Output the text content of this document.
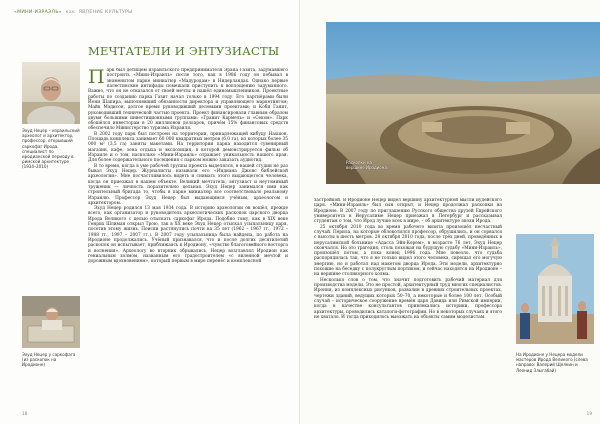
«МИНИ-ИЗРАЭЛЬ» как ЯВЛЕНИЕ КУЛЬТУРЫ
МЕЧТАТЕЛИ И ЭНТУЗИАСТЫ
Эхуд Нецер – израильский археолог и архитектор, профессор, открывший саркофаг Ирода, специалист по иродианской периоду в римской архитектуре (1934–2010)
Эхуд Нецер у саркофага (из раскопок на Иродионе)

Парк был детищем израильского предпринимателя Эрана Газита, задумавшего построить «Мини-Израиль» после того, как в 1986 году он побывал в знаменитом парке миниатюр «Мадуродам» в Нидерландах. Однако первые палестинские интифады помешали приступить к воплощению задуманного. Важно, что он не отказался от своей мечты и нашёл единомышленников. Проектные работы по созданию парка Газит начал только в 1994 году. Его партнёрами были Йони Шапира, выполнявший обязанности директора и управляющего маркетингом; Майк Мэдисон, долгое время руководивший деловыми проектами; и Коби Ганит, руководивший технической частью проекта. Проект финансировали главным образом двумя большими инвестиционными группами: «Гранит Кармель» и «Секом». Парк обошёлся инвесторам в 20 миллионов долларов, причём 15% финансовых средств обеспечило Министерство туризма Израиля.

В 2002 году парк был построен на территории, принадлежащей кибуцу Нахшон. Площадь комплекса занимает 60 000 квадратных метров (6,0 га), из которых более 35 000 м² (3,5 га) заняты макетами. На территории парка находится сувенирный магазин, кафе, зона отдыха и экспозиция, в которой демонстрируется фильм об Израиле и о том, насколько «Мини-Израиль» отражает уникальность нашего края. Для более содержательного посещения с парком можно заказать аудиогид.

В то время, когда в уме рабочей группы проекта выделялся, в нашей студии не раз бывал Эхуд Нецер. Журналисты называли его «Индиана Джонс библейской археологии». Мне посчастливилось видеть и снимать этого выдающегося человека, когда он приезжал в нашем объекте. Великий мечтатель, энтузиаст и неутомимый труженик — личность поразительно цельная. Эхуд Нецер занимался ими как строительный бригада то, чтобы в парке миниатюр все соответствовало реальному Израилю. Профессор Эхуд Нецер был выдающимся учёным, археологом и архитектором.

Эхуд Нецер родился 13 мая 1934 года. В историю археологии он вошёл, прежде всего, как организатор и руководитель археологических раскопок царского дворца Ирода Великого с целью отыскать саркофаг Ирода. Подобно тому, как в XIX веке Генрих Шлиман открыл Трою, так в XX веке Эхуд Нецер отыскал усыпальницу царя, посетив этому жизнь. Поиски растянулись почти на 35 лет (1962 – 1967 гг., 1972 – 1988 гг., 1997 – 2007 гг.). В 2007 году усыпальница была найдена, по работа на Иродионе продолжались. Учёный признавался, что и после долгих десятилетий раскопок он испытывает, приближаясь к Иродиону, «чувство благоговейного восторга и волнения». Археологу во вторник обрывались, Нецер возглавлял Иродион как гениальным холмом, названным его градостроителем «с явленной мечтой и дорожным вдохновением», который первым в мире перенёс и комплексной

18
Раскопки на вершине Иродиона

застройкой. В Иродионе Нецер видел вершину архитектурной мысли иудейского царя. «Мини-Израиль» был сын открыт, и Нецер продолжал раскопки на Иродионе. В 2007 году по приглашению Русского общества друзей Еврейского университета в Иерусалиме Нецер приезжал в Петербург и рассказывал студентам о том, что Ирод лучше всех в мире, – об архитектуре эпохи Ирода.

25 октября 2010 года во время рабочего визита произошёл несчастный случай. Перила, на которые облокотился профессор, обрушились, и он сорвался с высоты в шесть метров. 28 октября 2010 года, после трёх дней, проведённых в иерусалимской больнице «Адасса Эйн-Керем», в возрасте 76 лет, Эхуд Нецер скончался. Но это трагедия, столь похожая на будущую судьбу «Мини-Израиль», произошёл потом, а пока конец 1996 года. Мне повезло, что судьба распорядилась так, что я не только видел этого человека, сирешал его могучую энергию, но и работал над макетом дворца Ирода. Эти модели, архитектурно похожие на беседку с полукруглым портиком, и сейчас находятся на Иродионе – на вершине столикорного холма.

Несколько слов о том, что значит подготовить рабочий материал для производства модели. Это не простой, архитектурный труд многих специалистов. Ирония, из комплексных рисунков, развалин в древних строительных проектах, чертежи зданий, ведущих которых 50–70, а некоторые и более 100 лет. Особый случай – историческое сооружение времён царя Давида или Римской империи, когда в качестве консультантов привлекались историки, профессора архитектуры, проводились каталоги-фотографии. Но в некоторых случаях и этого не хватало. И тогда приходилось выезжать на объекты самим моделистам.

На Иродионе у Нецера модели мастеров Ирода Великого (слева направо: Валерий Щелкин и Леонид Злыгабай)
19
